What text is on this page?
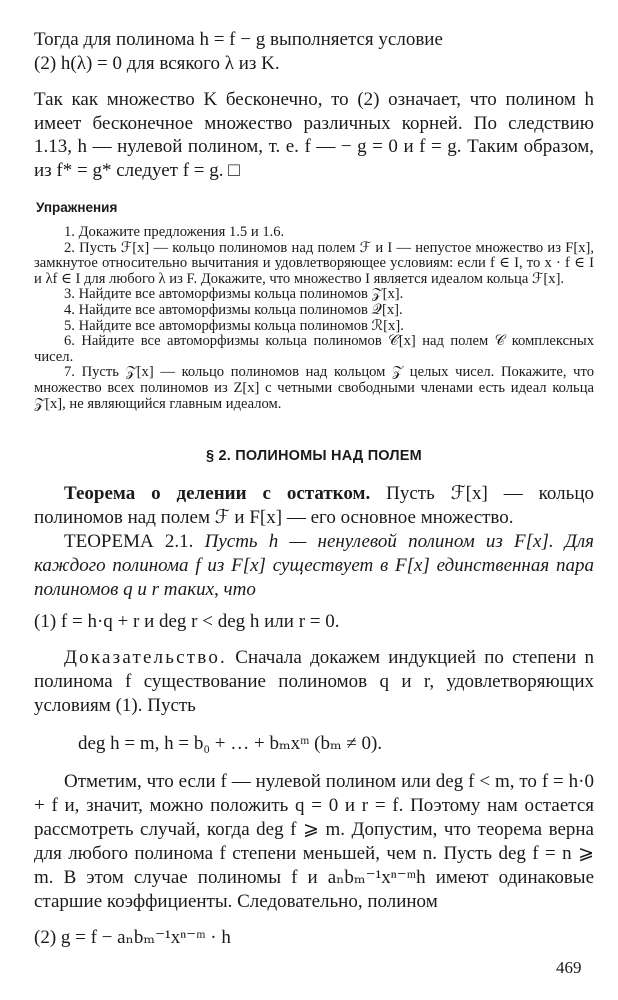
Тогда для полинома h = f − g выполняется условие

(2) h(λ) = 0 для всякого λ из K.

Так как множество K бесконечно, то (2) означает, что полином h имеет бесконечное множество различных корней. По следствию 1.13, h — нулевой полином, т. е. f — − g = 0 и f = g. Таким образом, из f* = g* следует f = g. □

Упражнения

1. Докажите предложения 1.5 и 1.6.

2. Пусть ℱ[x] — кольцо полиномов над полем ℱ и I — непустое множество из F[x], замкнутое относительно вычитания и удовлетворяющее условиям: если f ∈ I, то x · f ∈ I и λf ∈ I для любого λ из F. Докажите, что множество I является идеалом кольца ℱ[x].

3. Найдите все автоморфизмы кольца полиномов 𝒵[x].

4. Найдите все автоморфизмы кольца полиномов 𝒬[x].

5. Найдите все автоморфизмы кольца полиномов ℛ[x].

6. Найдите все автоморфизмы кольца полиномов 𝒞[x] над полем 𝒞 комплексных чисел.

7. Пусть 𝒵[x] — кольцо полиномов над кольцом 𝒵 целых чисел. Покажите, что множество всех полиномов из Z[x] с четными свободными членами есть идеал кольца 𝒵[x], не являющийся главным идеалом.

§ 2. ПОЛИНОМЫ НАД ПОЛЕМ

Теорема о делении с остатком. Пусть ℱ[x] — кольцо полиномов над полем ℱ и F[x] — его основное множество.

ТЕОРЕМА 2.1. Пусть h — ненулевой полином из F[x]. Для каждого полинома f из F[x] существует в F[x] единственная пара полиномов q и r таких, что

(1) f = h·q + r и deg r < deg h или r = 0.

Доказательство. Сначала докажем индукцией по степени n полинома f существование полиномов q и r, удовлетворяющих условиям (1). Пусть

deg h = m, h = b₀ + … + bₘxᵐ (bₘ ≠ 0).

Отметим, что если f — нулевой полином или deg f < m, то f = h·0 + f и, значит, можно положить q = 0 и r = f. Поэтому нам остается рассмотреть случай, когда deg f ⩾ m. Допустим, что теорема верна для любого полинома f степени меньшей, чем n. Пусть deg f = n ⩾ m. В этом случае полиномы f и aₙbₘ⁻¹xⁿ⁻ᵐh имеют одинаковые старшие коэффициенты. Следовательно, полином

(2) g = f − aₙbₘ⁻¹xⁿ⁻ᵐ · h

469
